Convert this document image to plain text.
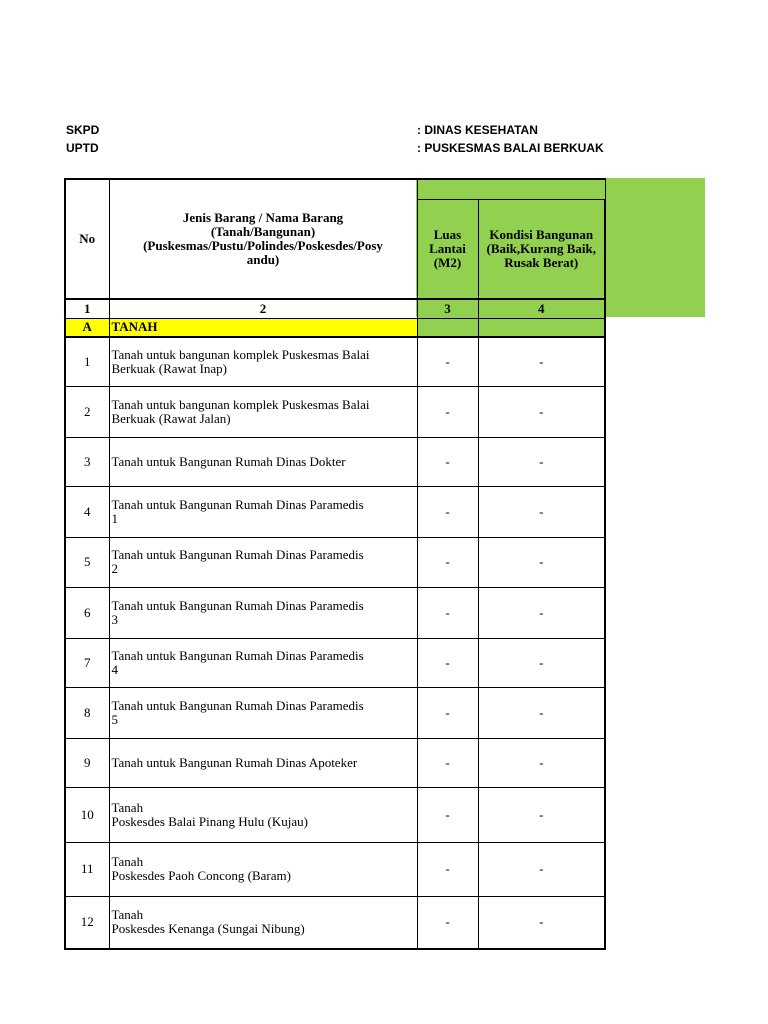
SKPD	: DINAS KESEHATAN
UPTD	: PUSKESMAS BALAI BERKUAK
No	Jenis Barang / Nama Barang
(Tanah/Bangunan)
(Puskesmas/Pustu/Polindes/Poskesdes/Posy
andu)		

		Luas
Lantai
(M2)	Kondisi Bangunan
(Baik,Kurang Baik,
Rusak Berat)

1	2	3	4
A	TANAH		
1	Tanah untuk bangunan komplek Puskesmas Balai
Berkuak (Rawat Inap)	-	-
2	Tanah untuk bangunan komplek Puskesmas Balai
Berkuak (Rawat Jalan)	-	-
3	Tanah untuk Bangunan Rumah Dinas Dokter	-	-
4	Tanah untuk Bangunan Rumah Dinas Paramedis
1	-	-
5	Tanah untuk Bangunan Rumah Dinas Paramedis
2	-	-
6	Tanah untuk Bangunan Rumah Dinas Paramedis
3	-	-
7	Tanah untuk Bangunan Rumah Dinas Paramedis
4	-	-
8	Tanah untuk Bangunan Rumah Dinas Paramedis
5	-	-
9	Tanah untuk Bangunan Rumah Dinas Apoteker	-	-
10	Tanah
Poskesdes Balai Pinang Hulu (Kujau)	-	-
11	Tanah
Poskesdes Paoh Concong (Baram)	-	-
12	Tanah
Poskesdes Kenanga (Sungai Nibung)	-	-
